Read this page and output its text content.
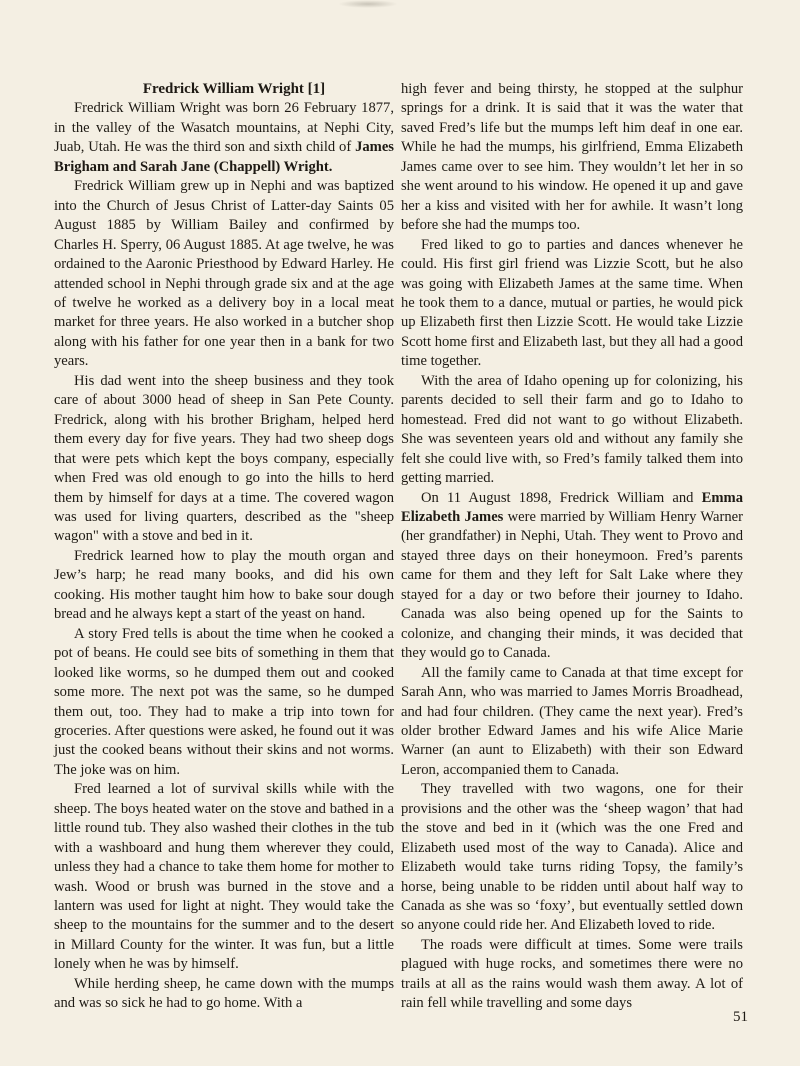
Fredrick William Wright [1]

Fredrick William Wright was born 26 February 1877, in the valley of the Wasatch mountains, at Nephi City, Juab, Utah. He was the third son and sixth child of James Brigham and Sarah Jane (Chappell) Wright.

Fredrick William grew up in Nephi and was baptized into the Church of Jesus Christ of Latter-day Saints 05 August 1885 by William Bailey and confirmed by Charles H. Sperry, 06 August 1885. At age twelve, he was ordained to the Aaronic Priesthood by Edward Harley. He attended school in Nephi through grade six and at the age of twelve he worked as a delivery boy in a local meat market for three years. He also worked in a butcher shop along with his father for one year then in a bank for two years.

His dad went into the sheep business and they took care of about 3000 head of sheep in San Pete County. Fredrick, along with his brother Brigham, helped herd them every day for five years. They had two sheep dogs that were pets which kept the boys company, especially when Fred was old enough to go into the hills to herd them by himself for days at a time. The covered wagon was used for living quarters, described as the "sheep wagon" with a stove and bed in it.

Fredrick learned how to play the mouth organ and Jew’s harp; he read many books, and did his own cooking. His mother taught him how to bake sour dough bread and he always kept a start of the yeast on hand.

A story Fred tells is about the time when he cooked a pot of beans. He could see bits of something in them that looked like worms, so he dumped them out and cooked some more. The next pot was the same, so he dumped them out, too. They had to make a trip into town for groceries. After questions were asked, he found out it was just the cooked beans without their skins and not worms. The joke was on him.

Fred learned a lot of survival skills while with the sheep. The boys heated water on the stove and bathed in a little round tub. They also washed their clothes in the tub with a washboard and hung them wherever they could, unless they had a chance to take them home for mother to wash. Wood or brush was burned in the stove and a lantern was used for light at night. They would take the sheep to the mountains for the summer and to the desert in Millard County for the winter. It was fun, but a little lonely when he was by himself.

While herding sheep, he came down with the mumps and was so sick he had to go home. With a

high fever and being thirsty, he stopped at the sulphur springs for a drink. It is said that it was the water that saved Fred’s life but the mumps left him deaf in one ear. While he had the mumps, his girlfriend, Emma Elizabeth James came over to see him. They wouldn’t let her in so she went around to his window. He opened it up and gave her a kiss and visited with her for awhile. It wasn’t long before she had the mumps too.

Fred liked to go to parties and dances whenever he could. His first girl friend was Lizzie Scott, but he also was going with Elizabeth James at the same time. When he took them to a dance, mutual or parties, he would pick up Elizabeth first then Lizzie Scott. He would take Lizzie Scott home first and Elizabeth last, but they all had a good time together.

With the area of Idaho opening up for colonizing, his parents decided to sell their farm and go to Idaho to homestead. Fred did not want to go without Elizabeth. She was seventeen years old and without any family she felt she could live with, so Fred’s family talked them into getting married.

On 11 August 1898, Fredrick William and Emma Elizabeth James were married by William Henry Warner (her grandfather) in Nephi, Utah. They went to Provo and stayed three days on their honeymoon. Fred’s parents came for them and they left for Salt Lake where they stayed for a day or two before their journey to Idaho. Canada was also being opened up for the Saints to colonize, and changing their minds, it was decided that they would go to Canada.

All the family came to Canada at that time except for Sarah Ann, who was married to James Morris Broadhead, and had four children. (They came the next year). Fred’s older brother Edward James and his wife Alice Marie Warner (an aunt to Elizabeth) with their son Edward Leron, accompanied them to Canada.

They travelled with two wagons, one for their provisions and the other was the ‘sheep wagon’ that had the stove and bed in it (which was the one Fred and Elizabeth used most of the way to Canada). Alice and Elizabeth would take turns riding Topsy, the family’s horse, being unable to be ridden until about half way to Canada as she was so ‘foxy’, but eventually settled down so anyone could ride her. And Elizabeth loved to ride.

The roads were difficult at times. Some were trails plagued with huge rocks, and sometimes there were no trails at all as the rains would wash them away. A lot of rain fell while travelling and some days

51
